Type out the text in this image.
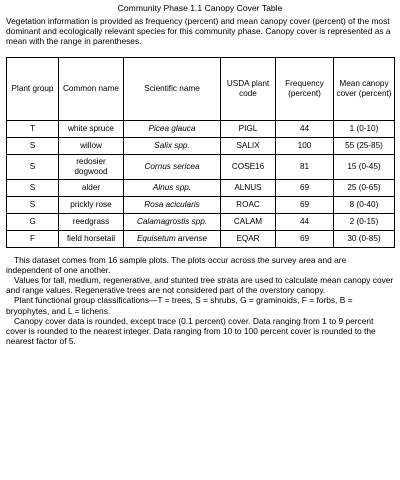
Community Phase 1.1 Canopy Cover Table
Vegetation information is provided as frequency (percent) and mean canopy cover (percent) of the most dominant and ecologically relevant species for this community phase. Canopy cover is represented as a mean with the range in parentheses.
Plant group	Common name	Scientific name	USDA plant code	Frequency (percent)	Mean canopy cover (percent)
T	white spruce	Picea glauca	PIGL	44	1 (0-10)
S	willow	Salix spp.	SALIX	100	55 (25-85)
S	redosier dogwood	Cornus sericea	COSE16	81	15 (0-45)
S	alder	Alnus spp.	ALNUS	69	25 (0-65)
S	prickly rose	Rosa acicularis	ROAC	69	8 (0-40)
G	reedgrass	Calamagrostis spp.	CALAM	44	2 (0-15)
F	field horsetail	Equisetum arvense	EQAR	69	30 (0-85)

This dataset comes from 16 sample plots. The plots occur across the survey area and are independent of one another.

Values for tall, medium, regenerative, and stunted tree strata are used to calculate mean canopy cover and range values. Regenerative trees are not considered part of the overstory canopy.

Plant functional group classifications—T = trees, S = shrubs, G = graminoids, F = forbs, B = bryophytes, and L = lichens.

Canopy cover data is rounded, except trace (0.1 percent) cover. Data ranging from 1 to 9 percent cover is rounded to the nearest integer. Data ranging from 10 to 100 percent cover is rounded to the nearest factor of 5.
